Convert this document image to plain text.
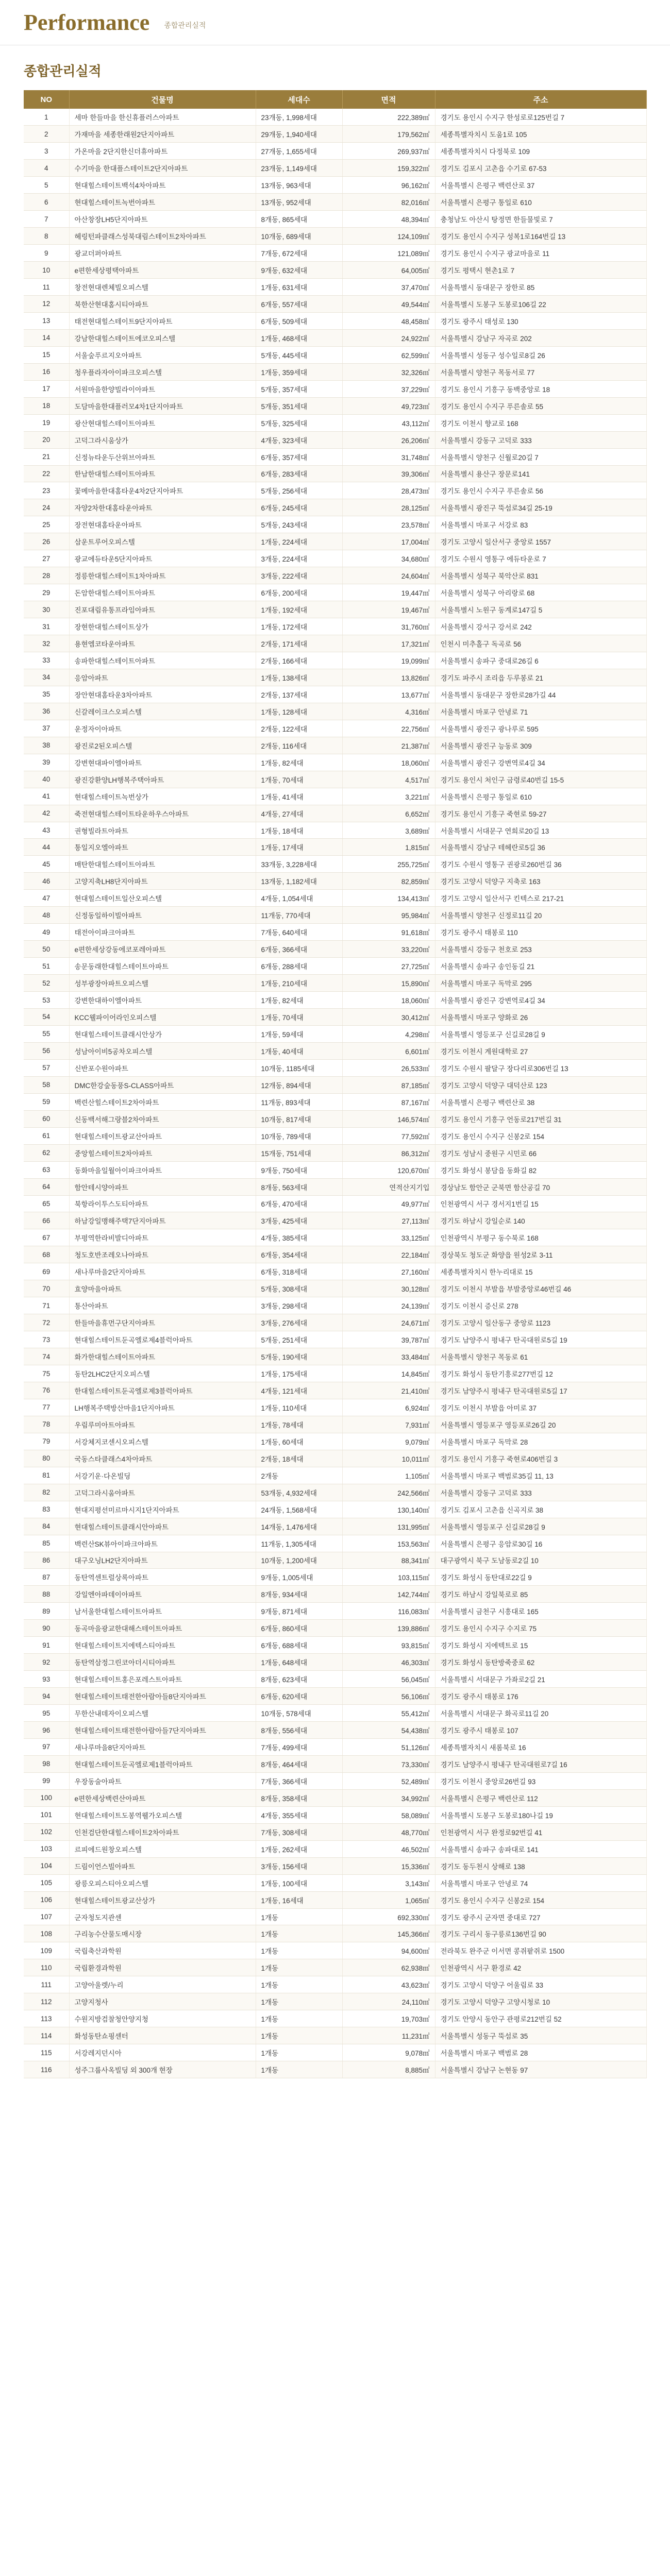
Performance 종합관리실적
종합관리실적
NO	건물명	세대수	면적	주소
1	세마 한들마을 한신휴플러스아파트	23개동, 1,998세대	222,389㎡	경기도 용인시 수지구 한성로로125번길 7
2	가재마을 세종한래원2단지아파트	29개동, 1,940세대	179,562㎡	세종특별자치시 도움1로 105
3	가온마을 2단지한신더휴아파트	27개동, 1,655세대	269,937㎡	세종특별자치시 다정북로 109
4	수기마을 한대플스테이트2단지아파트	23개동, 1,149세대	159,322㎡	경기도 김포시 고촌읍 수기로 67-53
5	현대힐스테이트백석4차아파트	13개동, 963세대	96,162㎡	서울특별시 은평구 백련산로 37
6	현대힐스테이트녹번아파트	13개동, 952세대	82,016㎡	서울특별시 은평구 통일로 610
7	아산창장LH5단지아파트	8개동, 865세대	48,394㎡	충청남도 아산시 탕정면 한들물빛로 7
8	헤링턴파클래스성북대림스테이트2차아파트	10개동, 689세대	124,109㎡	경기도 용인시 수지구 성복1로164번길 13
9	광교더퍼아파트	7개동, 672세대	121,089㎡	경기도 용인시 수지구 광교마을로 11
10	e편한세상평택아파트	9개동, 632세대	64,005㎡	경기도 평택시 현촌1로 7
11	창전현대렌체빌오피스텔	1개동, 631세대	37,470㎡	서울특별시 동대문구 장한로 85
12	북한산현대홈시티아파트	6개동, 557세대	49,544㎡	서울특별시 도봉구 도봉로106길 22
13	태전현대힐스테이트9단지아파트	6개동, 509세대	48,458㎡	경기도 광주시 태성로 130
14	강남한대힐스테이트에코오피스텔	1개동, 468세대	24,922㎡	서울특별시 강남구 자곡로 202
15	서울숲푸르지오아파트	5개동, 445세대	62,599㎡	서울특별시 성동구 성수일로8길 26
16	청우플라자아이파크오피스텔	1개동, 359세대	32,326㎡	서울특별시 양천구 목동서로 77
17	서원마을한양빌라이아파트	5개동, 357세대	37,229㎡	경기도 용인시 기흥구 동백중앙로 18
18	도담마을한대플러모4차1단지아파트	5개동, 351세대	49,723㎡	경기도 용인시 수지구 푸른솔로 55
19	광산현대힐스테이트아파트	5개동, 325세대	43,112㎡	경기도 이천시 향교로 168
20	고덕그라시움상가	4개동, 323세대	26,206㎡	서울특별시 강동구 고덕로 333
21	신정뉴타운두산위브아파트	6개동, 357세대	31,748㎡	서울특별시 양천구 신월로20길 7
22	한남한대힐스테이트아파트	6개동, 283세대	39,306㎡	서울특별시 용산구 장문로141
23	꽃메마을한대홈타운4차2단지아파트	5개동, 256세대	28,473㎡	경기도 용인시 수지구 푸른솔로 56
24	자양2차한대홈타운아파트	6개동, 245세대	28,125㎡	서울특별시 광진구 뚝섬로34길 25-19
25	장전현대홈타운아파트	5개동, 243세대	23,578㎡	서울특별시 마포구 서강로 83
26	삼운트루어오피스텔	1개동, 224세대	17,004㎡	경기도 고양시 일산서구 중앙로 1557
27	광교에듀타운5단지아파트	3개동, 224세대	34,680㎡	경기도 수원시 영통구 에듀타운로 7
28	정릉한대힐스테이트1차아파트	3개동, 222세대	24,604㎡	서울특별시 성북구 북악산로 831
29	돈암한대힐스테이트아파트	6개동, 200세대	19,447㎡	서울특별시 성북구 아리랑로 68
30	진포대림유통프라임아파트	1개동, 192세대	19,467㎡	서울특별시 노원구 동계로147길 5
31	장현한대힐스테이트상가	1개동, 172세대	31,760㎡	서울특별시 강서구 강서로 242
32	용현엠코타운아파트	2개동, 171세대	17,321㎡	인천시 미추홀구 독곡로 56
33	송파한대힐스테이트아파트	2개동, 166세대	19,099㎡	서울특별시 송파구 중대로26길 6
34	응암아파트	1개동, 138세대	13,826㎡	경기도 파주시 조리읍 두루봉로 21
35	장안현대홈타운3차아파트	2개동, 137세대	13,677㎡	서울특별시 동대문구 장한로28가길 44
36	신갈레이크스오피스텔	1개동, 128세대	4,316㎡	서울특별시 마포구 안녕로 71
37	운정자이아파트	2개동, 122세대	22,756㎡	서울특별시 광진구 광나루로 595
38	광진로2된오피스텔	2개동, 116세대	21,387㎡	서울특별시 광진구 능동로 309
39	강변현대파이엘아파트	1개동, 82세대	18,060㎡	서울특별시 광진구 강변역로4길 34
40	광진강환양LH행복주택아파트	1개동, 70세대	4,517㎡	경기도 용인시 처인구 금령로40번길 15-5
41	현대힐스테이트녹번상가	1개동, 41세대	3,221㎡	서울특별시 은평구 통일로 610
42	죽전현대힐스테이트타운하우스아파트	4개동, 27세대	6,652㎡	경기도 용인시 기흥구 죽현로 59-27
43	권형빌라트아파트	1개동, 18세대	3,689㎡	서울특별시 서대문구 연희로20길 13
44	통일지오엘아파트	1개동, 17세대	1,815㎡	서울특별시 강남구 테헤란로5길 36
45	매탄한대힐스테이트아파트	33개동, 3,228세대	255,725㎡	경기도 수원시 영통구 권광로260번길 36
46	고양지축LH8단지아파트	13개동, 1,182세대	82,859㎡	경기도 고양시 덕양구 지축로 163
47	현대힐스테이트일산오피스텔	4개동, 1,054세대	134,413㎡	경기도 고양시 일산서구 킨텍스로 217-21
48	신정동일하이빌아파트	11개동, 770세대	95,984㎡	서울특별시 양천구 신정로11길 20
49	태전아이파크아파트	7개동, 640세대	91,618㎡	경기도 광주시 태봉로 110
50	e편한세상강동에코포레아파트	6개동, 366세대	33,220㎡	서울특별시 강동구 천호로 253
51	송문동래한대힐스테이트아파트	6개동, 288세대	27,725㎡	서울특별시 송파구 송인동길 21
52	성부광장아파트오피스텔	1개동, 210세대	15,890㎡	서울특별시 마포구 독막로 295
53	강변한대하이엘아파트	1개동, 82세대	18,060㎡	서울특별시 광진구 강변역로4길 34
54	KCC웰파이어라인오피스텔	1개동, 70세대	30,412㎡	서울특별시 마포구 양화로 26
55	현대힐스테이트클래시안상가	1개동, 59세대	4,298㎡	서울특별시 영등포구 신길로28길 9
56	성남아이비5공차오피스텔	1개동, 40세대	6,601㎡	경기도 이천시 계원대학로 27
57	신반포수원아파트	10개동, 1185세대	26,533㎡	경기도 수원시 팔달구 장다리로306번길 13
58	DMC한강숲동풍S-CLASS아파트	12개동, 894세대	87,185㎡	경기도 고양시 덕양구 대덕산로 123
59	백련산힐스테이트2차아파트	11개동, 893세대	87,167㎡	서울특별시 은평구 백련산로 38
60	신동백서해그랑블2차아파트	10개동, 817세대	146,574㎡	경기도 용인시 기흥구 언동로217번길 31
61	현대힐스테이트광교산아파트	10개동, 789세대	77,592㎡	경기도 용인시 수지구 신봉2로 154
62	중앙힐스테이트2차아파트	15개동, 751세대	86,312㎡	경기도 성남시 중원구 시민로 66
63	동화마을일월아이파크아파트	9개동, 750세대	120,670㎡	경기도 화성시 봉담읍 동화길 82
64	함안테시양아파트	8개동, 563세대	연적산지기입	경상남도 함안군 군북면 함산공길 70
65	북항라이투스도티아파트	6개동, 470세대	49,977㎡	인천광역시 서구 경서지1번길 15
66	하남강일맹해주택7단지아파트	3개동, 425세대	27,113㎡	경기도 하남시 강일순로 140
67	부평역한라비발디아파트	4개동, 385세대	33,125㎡	인천광역시 부평구 동수북로 168
68	청도호반조레오나아파트	6개동, 354세대	22,184㎡	경상북도 청도군 화양읍 원성2로 3-11
69	새나루마을2단지아파트	6개동, 318세대	27,160㎡	세종특별자치시 한누리대로 15
70	효양마을아파트	5개동, 308세대	30,128㎡	경기도 이천시 부발읍 부발중앙로46번길 46
71	통산아파트	3개동, 298세대	24,139㎡	경기도 이천시 증신로 278
72	한들마을휴먼구단지아파트	3개동, 276세대	24,671㎡	경기도 고양시 일산동구 중앙로 1123
73	현대힐스테이트둔곡엘로제4블럭아파트	5개동, 251세대	39,787㎡	경기도 남양주시 평내구 탄곡대원로5길 19
74	화가한대힐스테이트아파트	5개동, 190세대	33,484㎡	서울특별시 양천구 목동로 61
75	동탄2LHC2단지오피스텔	1개동, 175세대	14,845㎡	경기도 화성시 동탄기흥로277번길 12
76	한대힐스테이트둔곡엘로제3블럭아파트	4개동, 121세대	21,410㎡	경기도 남양주시 평내구 탄곡대원로5길 17
77	LH행복주택방산마을1단지아파트	1개동, 110세대	6,924㎡	경기도 이천시 부발읍 아미로 37
78	우림루미아트아파트	1개동, 78세대	7,931㎡	서울특별시 영등포구 영등포로26길 20
79	서강체지코센시오피스텔	1개동, 60세대	9,079㎡	서울특별시 마포구 독막로 28
80	국동스타클래스4차아파트	2개동, 18세대	10,011㎡	경기도 용인시 기흥구 죽현로406번길 3
81	서강기운·다온빌딩	2개동	1,105㎡	서울특별시 마포구 백범로35길 11, 13
82	고덕그라시움아파트	53개동, 4,932세대	242,566㎡	서울특별시 강동구 고덕로 333
83	현대지평선미르마시지1단지아파트	24개동, 1,568세대	130,140㎡	경기도 김포시 고촌읍 신곡지로 38
84	현대힐스테이트클래시안아파트	14개동, 1,476세대	131,995㎡	서울특별시 영등포구 신길로28길 9
85	백련산SK뷰아이파크아파트	11개동, 1,305세대	153,563㎡	서울특별시 은평구 응암로30길 16
86	대구오닝LH2단지아파트	10개동, 1,200세대	88,341㎡	대구광역시 북구 도남동로2길 10
87	동탄역센트럴상록아파트	9개동, 1,005세대	103,115㎡	경기도 화성시 동탄대로22길 9
88	강일엔아파데이아파트	8개동, 934세대	142,744㎡	경기도 하남시 강일북로로 85
89	남서울한대힐스테이트아파트	9개동, 871세대	116,083㎡	서울특별시 금천구 시흥대로 165
90	동곡마을광교한대해스테이트아파트	6개동, 860세대	139,886㎡	경기도 용인시 수지구 수지로 75
91	현대힐스테이트지에텍스티아파트	6개동, 688세대	93,815㎡	경기도 화성시 지에텍트로 15
92	동탄역삼정그린코아더시티아파트	1개동, 648세대	46,303㎡	경기도 화성시 동탄방죽중로 62
93	현대힐스테이트홍은포레스트아파트	8개동, 623세대	56,045㎡	서울특별시 서대문구 가좌로2길 21
94	현대힐스테이트태전한아람아들8단지아파트	6개동, 620세대	56,106㎡	경기도 광주시 태봉로 176
95	무한산내데자이오피스텔	10개동, 578세대	55,412㎡	서울특별시 서대문구 화곡로11길 20
96	현대힐스테이트태전한아람아들7단지아파트	8개동, 556세대	54,438㎡	경기도 광주시 태봉로 107
97	새나루마을8단지아파트	7개동, 499세대	51,126㎡	세종특별자치시 새롬북로 16
98	현대힐스테이트둔곡엘로제1블럭아파트	8개동, 464세대	73,330㎡	경기도 남양주시 평내구 탄곡대원로7길 16
99	우장동술아파트	7개동, 366세대	52,489㎡	경기도 이천시 중앙로26번길 93
100	e편한세상백련산아파트	8개동, 358세대	34,992㎡	서울특별시 은평구 백련산로 112
101	현대힐스테이트도봉역웰가오피스텔	4개동, 355세대	58,089㎡	서울특별시 도봉구 도봉로180나길 19
102	인천검단한대힐스테이트2차아파트	7개동, 308세대	48,770㎡	인천광역시 서구 완정로92번길 41
103	르피에드원창오피스텔	1개동, 262세대	46,502㎡	서울특별시 송파구 송파대로 141
104	드림이언스빌아파트	3개동, 156세대	15,336㎡	경기도 동두천시 상해로 138
105	광릉오피스티아오피스텔	1개동, 100세대	3,143㎡	서울특별시 마포구 안녕로 74
106	현대힐스테이트광교산상가	1개동, 16세대	1,065㎡	경기도 용인시 수지구 신봉2로 154
107	군자청도지관센	1개동	692,330㎡	경기도 광주시 군자면 중대로 727
108	구리농수산물도매시장	1개동	145,366㎡	경기도 구리시 동구릉로136번길 90
109	국립축산과학원	1개동	94,600㎡	전라북도 완주군 이서면 콩쥐팥쥐로 1500
110	국립환경과학원	1개동	62,938㎡	인천광역시 서구 환경로 42
111	고양아울렛/누리	1개동	43,623㎡	경기도 고양시 덕양구 어울림로 33
112	고양지청사	1개동	24,110㎡	경기도 고양시 덕양구 고양시청로 10
113	수원지방검찰청안양지청	1개동	19,703㎡	경기도 안양시 동안구 관평로212번길 52
114	화성동탄쇼핑센터	1개동	11,231㎡	서울특별시 성동구 뚝섬로 35
115	서강레지던시아	1개동	9,078㎡	서울특별시 마포구 백범로 28
116	성주그룹사옥빌딩 외 300개 현장	1개동	8,885㎡	서울특별시 강남구 논현동 97
